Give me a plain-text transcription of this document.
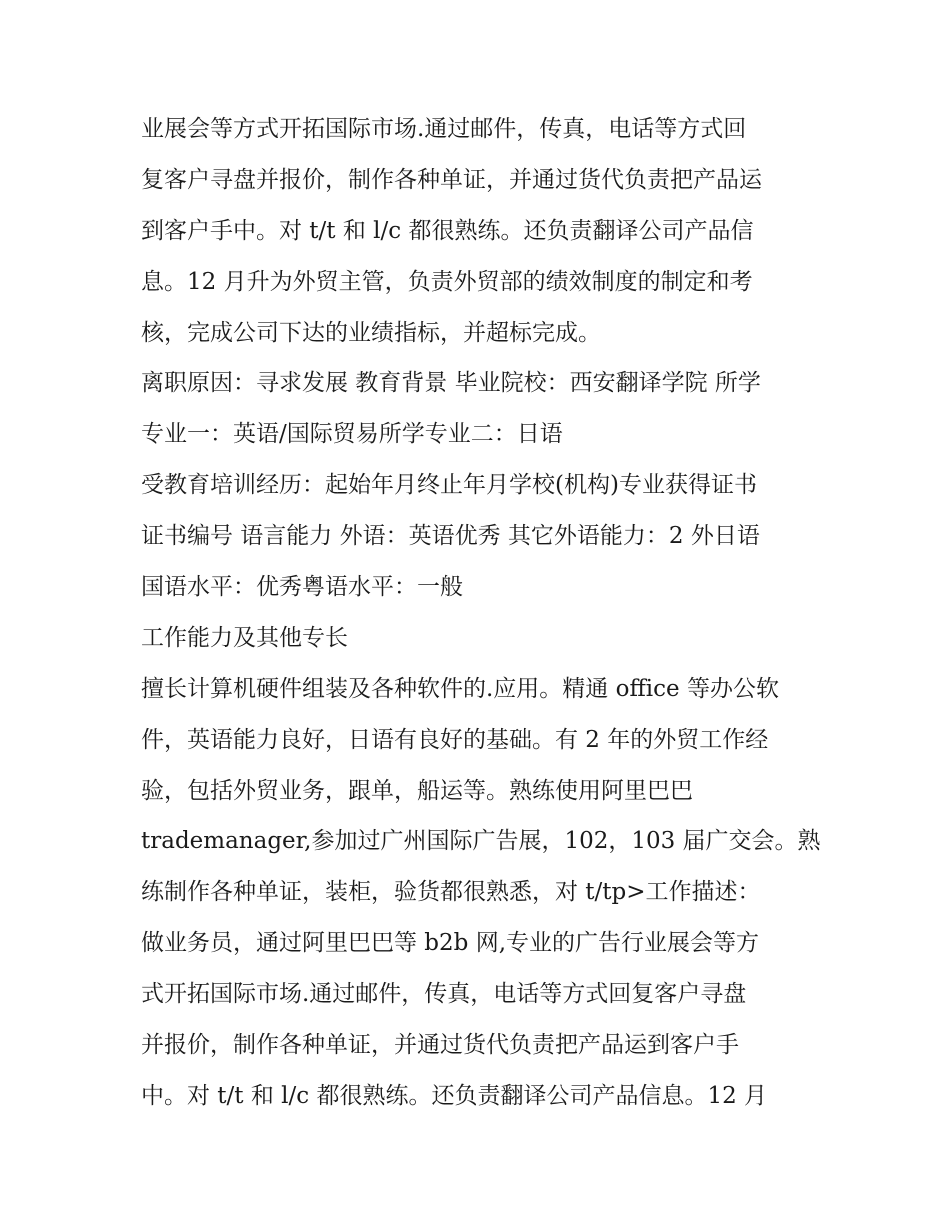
业展会等方式开拓国际市场.通过邮件，传真，电话等方式回
复客户寻盘并报价，制作各种单证，并通过货代负责把产品运
到客户手中。对 t/t 和 l/c 都很熟练。还负责翻译公司产品信
息。12 月升为外贸主管，负责外贸部的绩效制度的制定和考
核，完成公司下达的业绩指标，并超标完成。
离职原因：寻求发展 教育背景 毕业院校：西安翻译学院 所学
专业一：英语/国际贸易所学专业二：日语
受教育培训经历：起始年月终止年月学校(机构)专业获得证书
证书编号 语言能力 外语：英语优秀 其它外语能力：2 外日语
国语水平：优秀粤语水平：一般
工作能力及其他专长
擅长计算机硬件组装及各种软件的.应用。精通 office 等办公软
件，英语能力良好，日语有良好的基础。有 2 年的外贸工作经
验，包括外贸业务，跟单，船运等。熟练使用阿里巴巴
trademanager,参加过广州国际广告展，102，103 届广交会。熟
练制作各种单证，装柜，验货都很熟悉，对 t/tp>工作描述：
做业务员，通过阿里巴巴等 b2b 网,专业的广告行业展会等方
式开拓国际市场.通过邮件，传真，电话等方式回复客户寻盘
并报价，制作各种单证，并通过货代负责把产品运到客户手
中。对 t/t 和 l/c 都很熟练。还负责翻译公司产品信息。12 月
